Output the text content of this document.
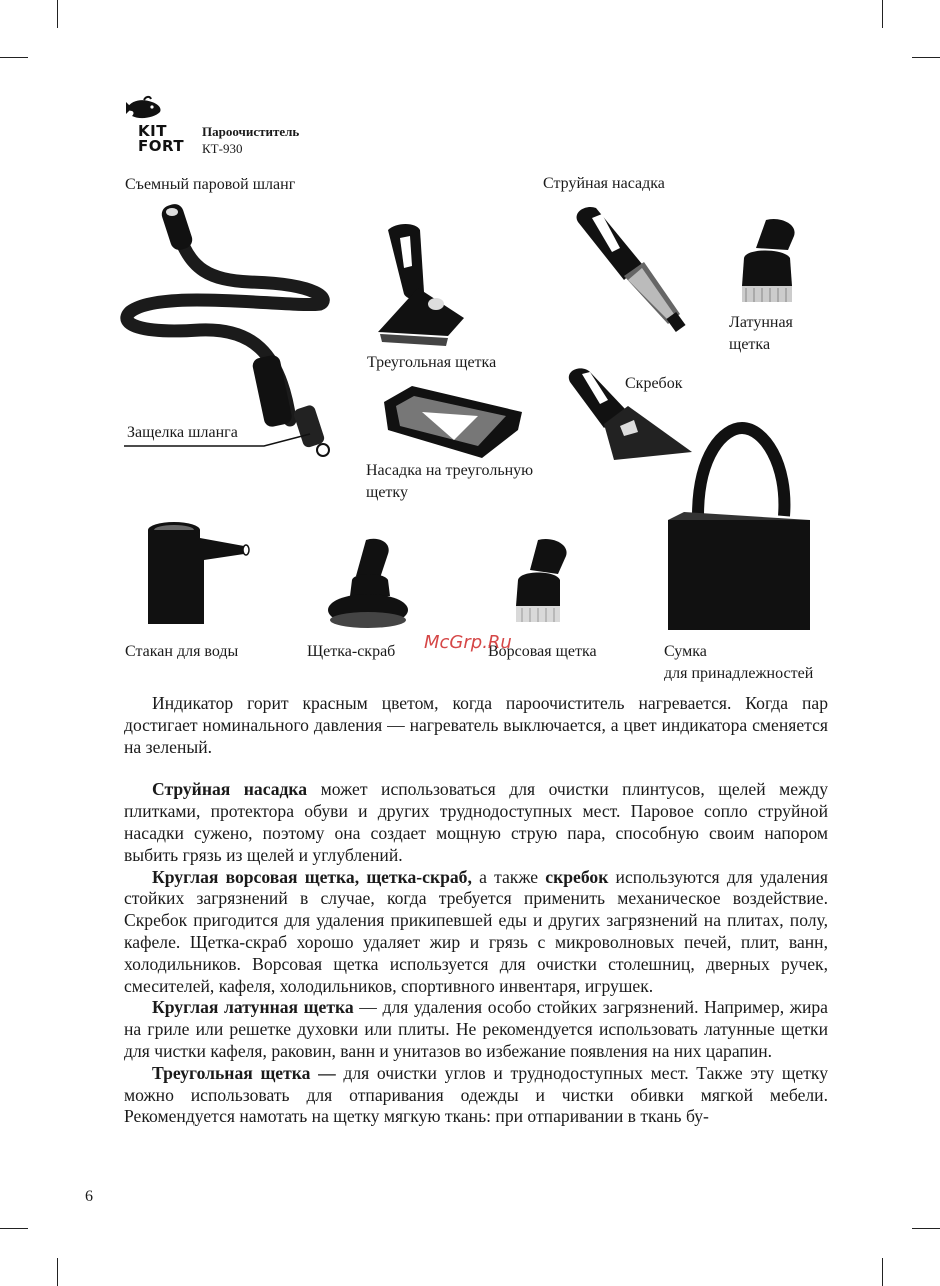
KIT
FORT
Пароочиститель
КТ-930
Съемный паровой шланг	Струйная насадка
Латунная
щетка
Треугольная щетка
Скребок
Защелка шланга
Насадка на треугольную
щетку
Стакан для воды	Щетка-скраб	Ворсовая щетка	Сумка
для принадлежностей
McGrp.Ru

Индикатор горит красным цветом, когда пароочиститель нагревается. Когда пар достигает номинального давления — нагреватель выключается, а цвет индикатора сменяется на зеленый.

Струйная насадка может использоваться для очистки плинтусов, щелей между плитками, протектора обуви и других труднодоступных мест. Паровое сопло струйной насадки сужено, поэтому она создает мощную струю пара, способную своим напором выбить грязь из щелей и углублений.

Круглая ворсовая щетка, щетка-скраб, а также скребок используются для удаления стойких загрязнений в случае, когда требуется применить механическое воздействие. Скребок пригодится для удаления прикипевшей еды и других загрязнений на плитах, полу, кафеле. Щетка-скраб хорошо удаляет жир и грязь с микроволновых печей, плит, ванн, холодильников. Ворсовая щетка используется для очистки столешниц, дверных ручек, смесителей, кафеля, холодильников, спортивного инвентаря, игрушек.

Круглая латунная щетка — для удаления особо стойких загрязнений. Например, жира на гриле или решетке духовки или плиты. Не рекомендуется использовать латунные щетки для чистки кафеля, раковин, ванн и унитазов во избежание появления на них царапин.

Треугольная щетка — для очистки углов и труднодоступных мест. Также эту щетку можно использовать для отпаривания одежды и чистки обивки мягкой мебели. Рекомендуется намотать на щетку мягкую ткань: при отпаривании в ткань бу-

6
